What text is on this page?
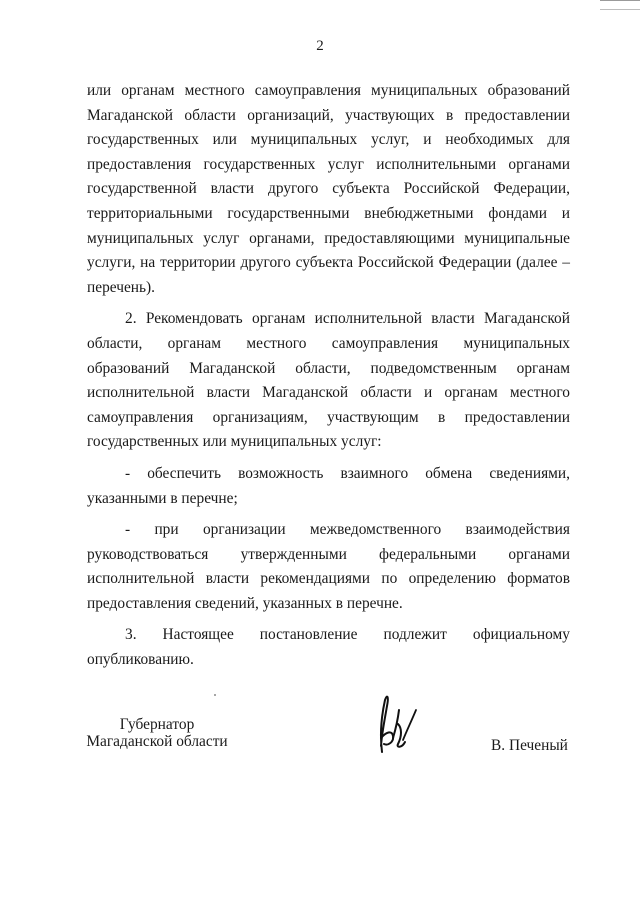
2

или органам местного самоуправления муниципальных образований Магаданской области организаций, участвующих в предоставлении государственных или муниципальных услуг, и необходимых для предоставления государственных услуг исполнительными органами государственной власти другого субъекта Российской Федерации, территориальными государственными внебюджетными фондами и муниципальных услуг органами, предоставляющими муниципальные услуги, на территории другого субъекта Российской Федерации (далее – перечень).

2. Рекомендовать органам исполнительной власти Магаданской области, органам местного самоуправления муниципальных образований Магаданской области, подведомственным органам исполнительной власти Магаданской области и органам местного самоуправления организациям, участвующим в предоставлении государственных или муниципальных услуг:

- обеспечить возможность взаимного обмена сведениями, указанными в перечне;

- при организации межведомственного взаимодействия руководствоваться утвержденными федеральными органами исполнительной власти рекомендациями по определению форматов предоставления сведений, указанных в перечне.

3. Настоящее постановление подлежит официальному опубликованию.

Губернатор
Магаданской области	В. Печеный
